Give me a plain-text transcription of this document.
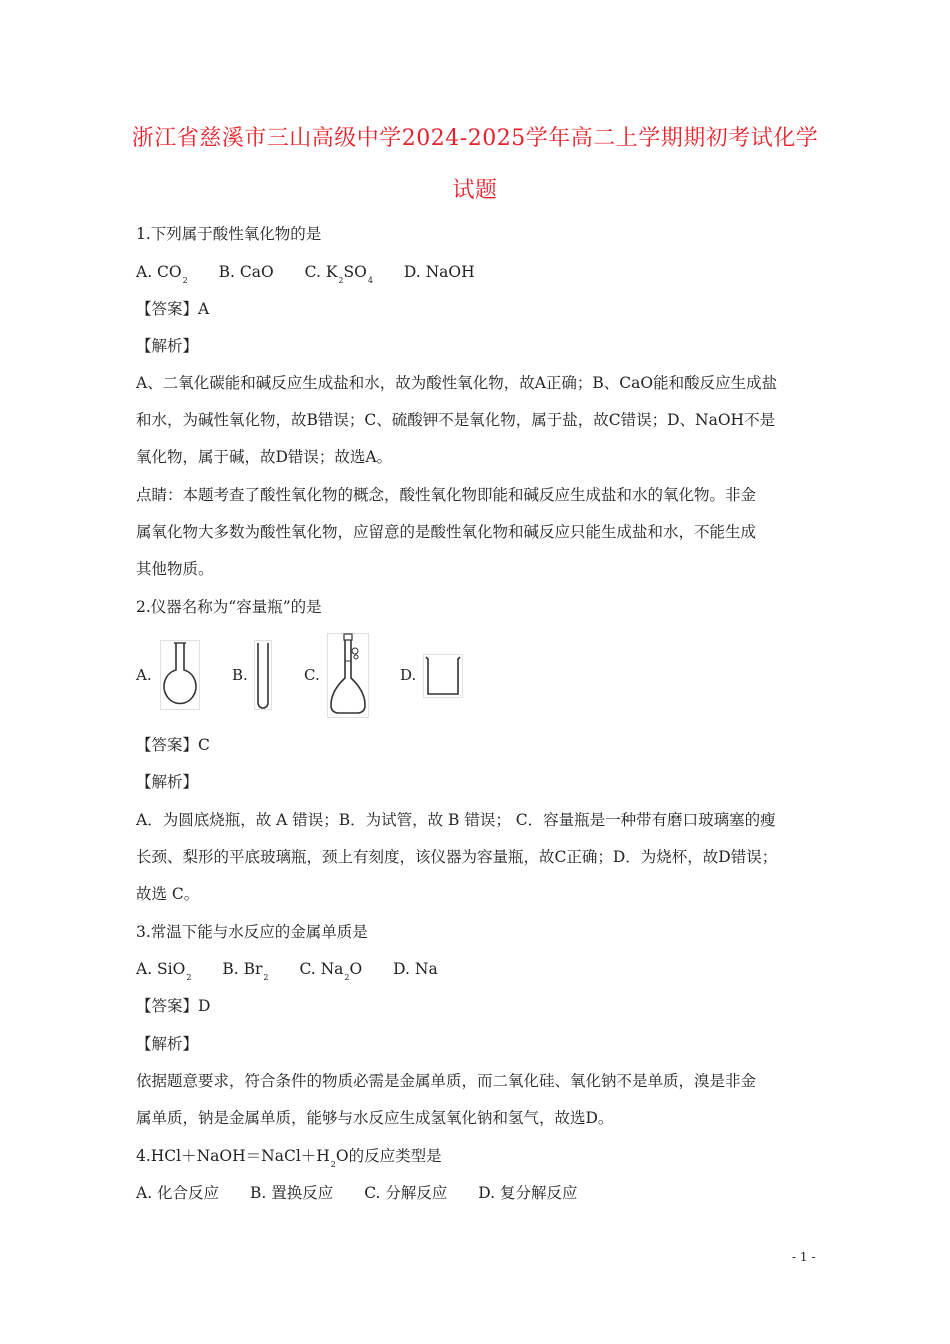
浙江省慈溪市三山高级中学2024-2025学年高二上学期期初考试化学
试题
1.下列属于酸性氧化物的是
A. $CO_2$ B. CaO C. $K_2SO_4$ D. NaOH
【答案】A
【解析】
A、二氧化碳能和碱反应生成盐和水，故为酸性氧化物，故A正确；B、CaO能和酸反应生成盐
和水，为碱性氧化物，故B错误；C、硫酸钾不是氧化物，属于盐，故C错误；D、NaOH不是
氧化物，属于碱，故D错误；故选A。
点睛：本题考查了酸性氧化物的概念，酸性氧化物即能和碱反应生成盐和水的氧化物。非金
属氧化物大多数为酸性氧化物，应留意的是酸性氧化物和碱反应只能生成盐和水，不能生成
其他物质。
2.仪器名称为“容量瓶”的是
A.	B.	C.	D.
【答案】C
【解析】
A．为圆底烧瓶，故 A 错误；B．为试管，故 B 错误； C．容量瓶是一种带有磨口玻璃塞的瘦
长颈、梨形的平底玻璃瓶，颈上有刻度，该仪器为容量瓶，故C正确；D．为烧杯，故D错误；
故选 C。
3.常温下能与水反应的金属单质是
A. SiO$_2$ B. $Br_2$ C. $Na_2O$ D. Na
【答案】D
【解析】
依据题意要求，符合条件的物质必需是金属单质，而二氧化硅、氧化钠不是单质，溴是非金
属单质，钠是金属单质，能够与水反应生成氢氧化钠和氢气，故选D。
$4.HCl+NaOH=NaCl+H_2O$的反应类型是
A. 化合反应 B. 置换反应 C. 分解反应 D. 复分解反应
- 1 -
